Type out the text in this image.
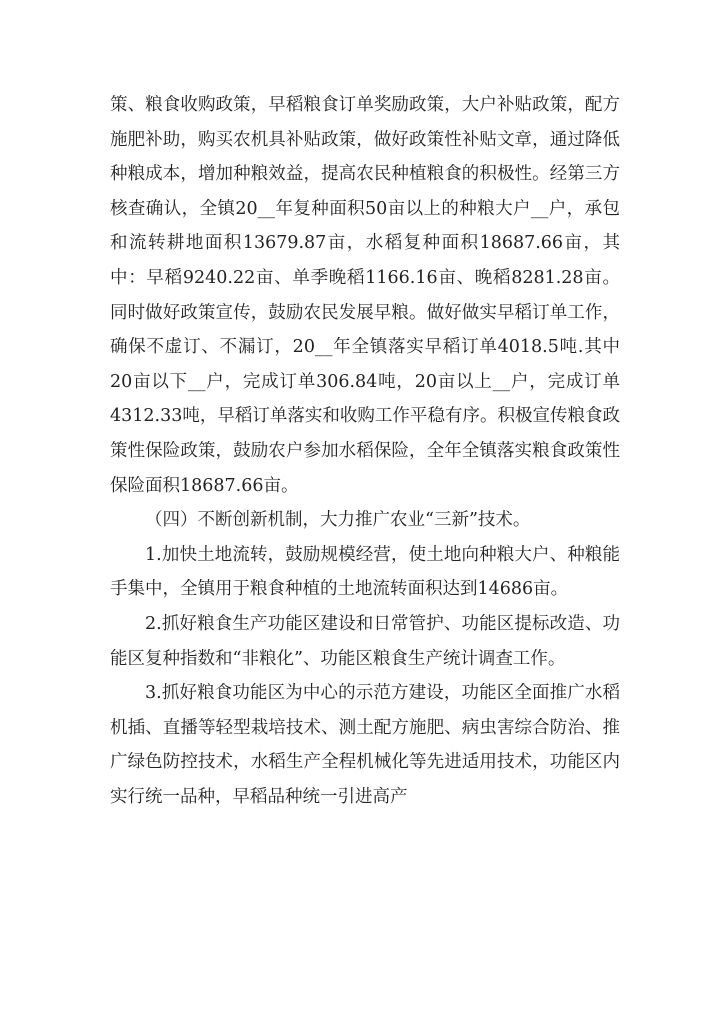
策、粮食收购政策，早稻粮食订单奖励政策，大户补贴政策，配方施肥补助，购买农机具补贴政策，做好政策性补贴文章，通过降低种粮成本，增加种粮效益，提高农民种植粮食的积极性。经第三方核查确认，全镇20__年复种面积50亩以上的种粮大户__户，承包和流转耕地面积13679.87亩，水稻复种面积18687.66亩，其中：早稻9240.22亩、单季晚稻1166.16亩、晚稻8281.28亩。同时做好政策宣传，鼓励农民发展早粮。做好做实早稻订单工作，确保不虚订、不漏订，20__年全镇落实早稻订单4018.5吨.其中20亩以下__户，完成订单306.84吨，20亩以上__户，完成订单4312.33吨，早稻订单落实和收购工作平稳有序。积极宣传粮食政策性保险政策，鼓励农户参加水稻保险，全年全镇落实粮食政策性保险面积18687.66亩。

（四）不断创新机制，大力推广农业“三新”技术。

1.加快土地流转，鼓励规模经营，使土地向种粮大户、种粮能手集中，全镇用于粮食种植的土地流转面积达到14686亩。

2.抓好粮食生产功能区建设和日常管护、功能区提标改造、功能区复种指数和“非粮化”、功能区粮食生产统计调查工作。

3.抓好粮食功能区为中心的示范方建设，功能区全面推广水稻机插、直播等轻型栽培技术、测土配方施肥、病虫害综合防治、推广绿色防控技术，水稻生产全程机械化等先进适用技术，功能区内实行统一品种，早稻品种统一引进高产
